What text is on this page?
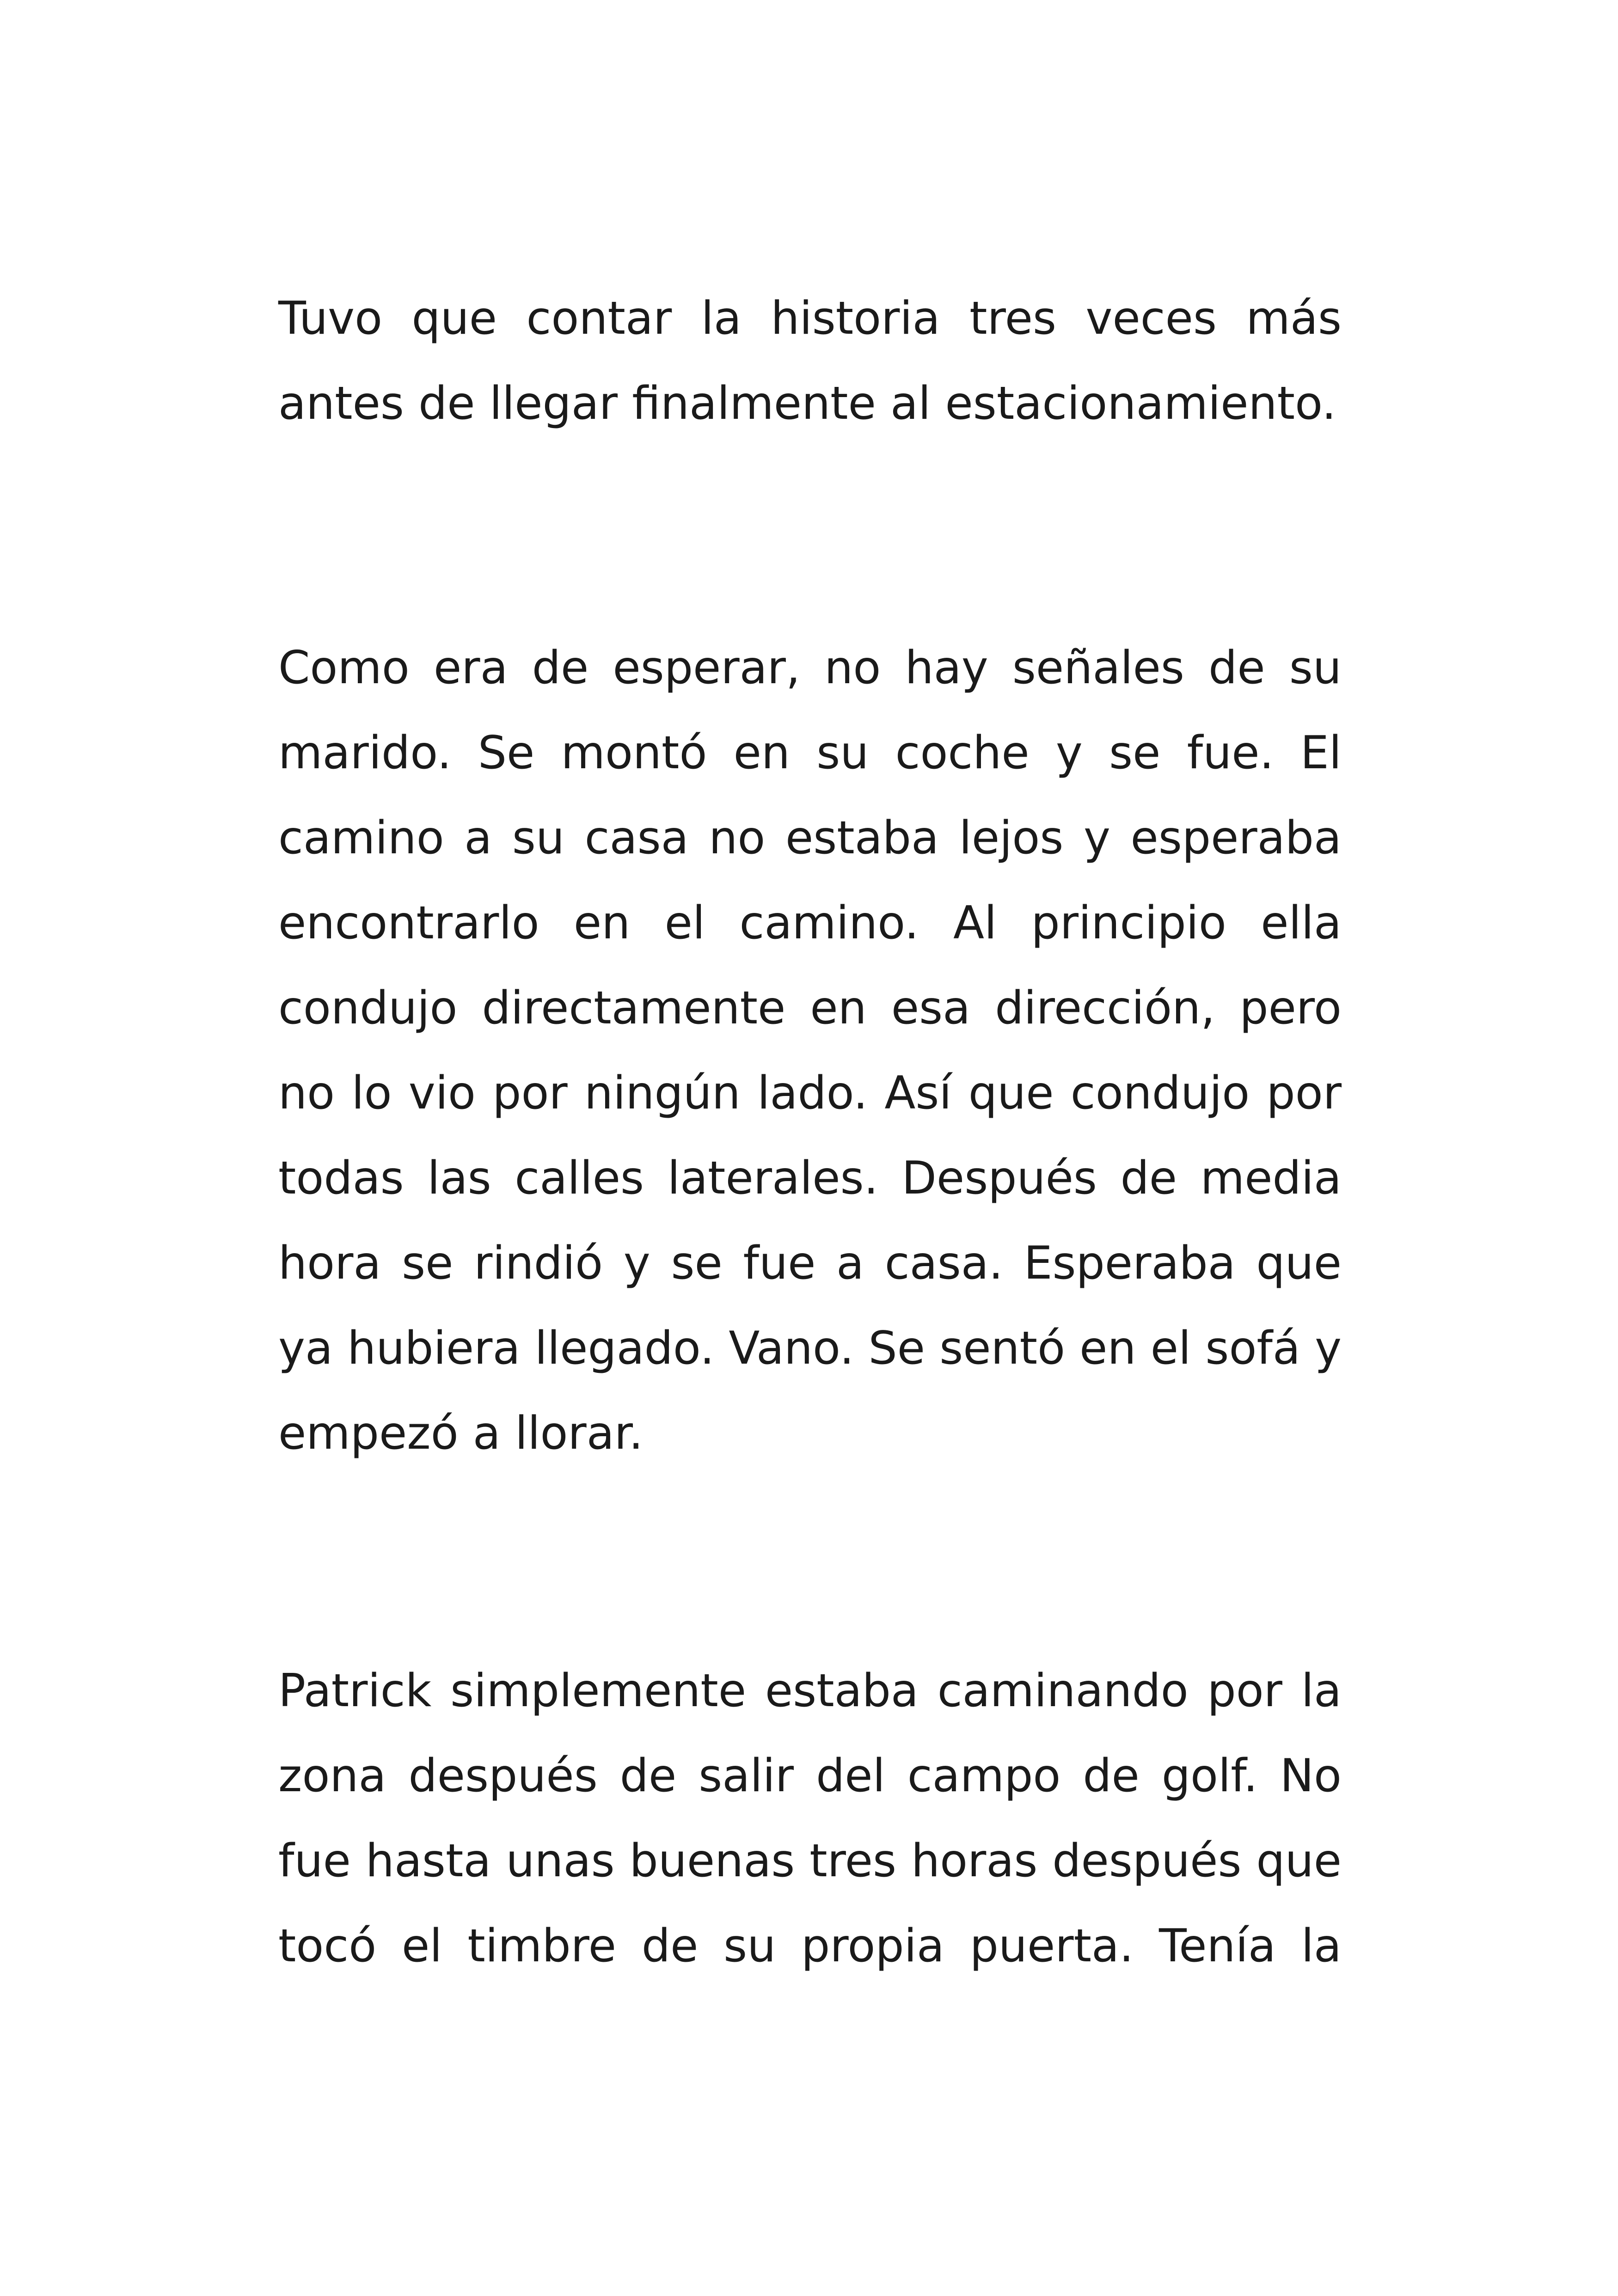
Tuvo que contar la historia tres veces más
antes de llegar finalmente al estacionamiento.
Como era de esperar, no hay señales de su
marido. Se montó en su coche y se fue. El
camino a su casa no estaba lejos y esperaba
encontrarlo en el camino. Al principio ella
condujo directamente en esa dirección, pero
no lo vio por ningún lado. Así que condujo por
todas las calles laterales. Después de media
hora se rindió y se fue a casa. Esperaba que
ya hubiera llegado. Vano. Se sentó en el sofá y
empezó a llorar.
Patrick simplemente estaba caminando por la
zona después de salir del campo de golf. No
fue hasta unas buenas tres horas después que
tocó el timbre de su propia puerta. Tenía la
